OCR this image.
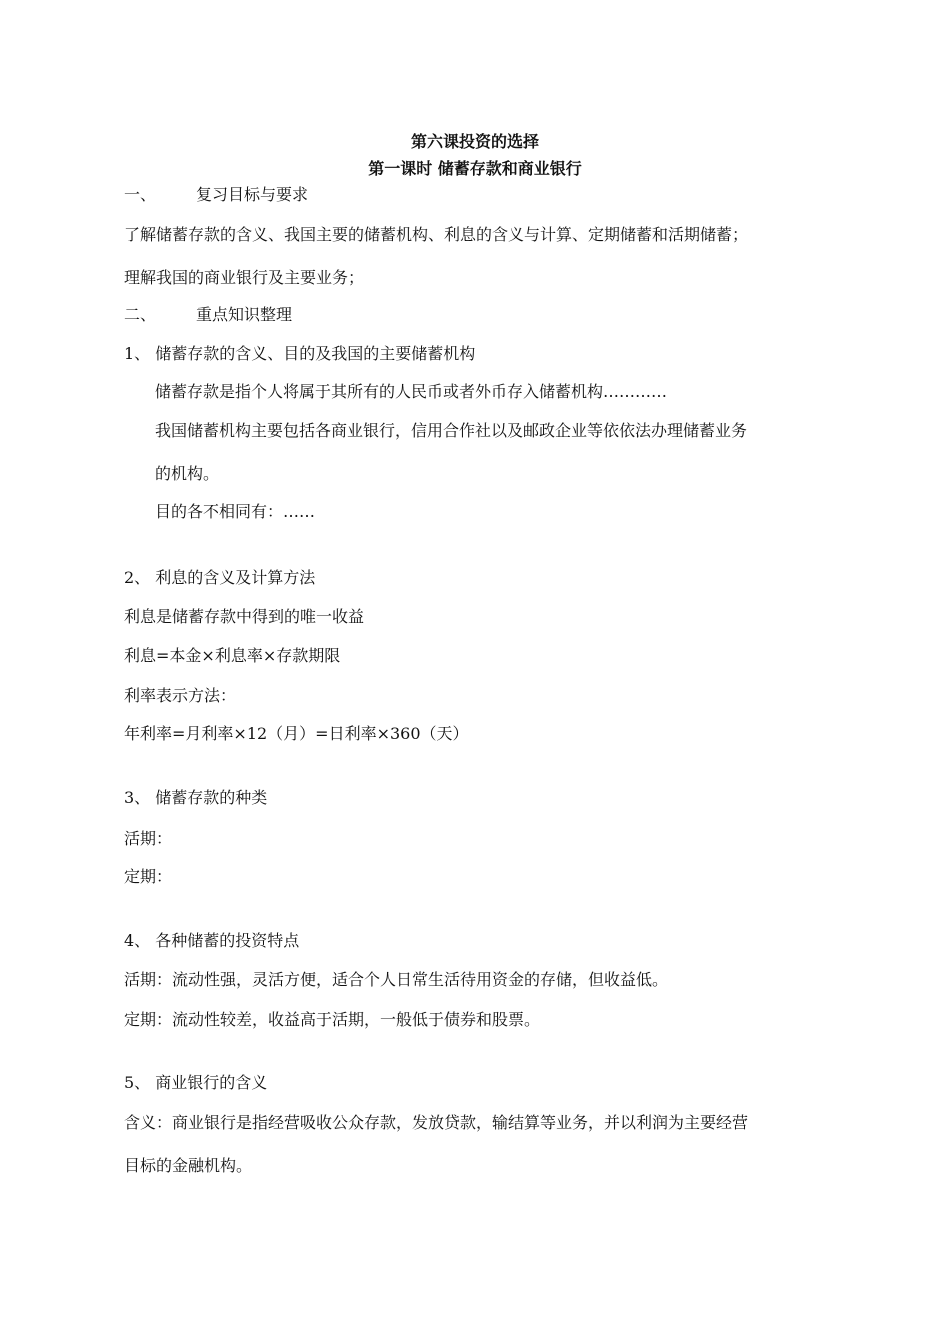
第六课投资的选择
第一课时 储蓄存款和商业银行
一、 复习目标与要求
了解储蓄存款的含义、我国主要的储蓄机构、利息的含义与计算、定期储蓄和活期储蓄；
理解我国的商业银行及主要业务；
二、 重点知识整理
1、 储蓄存款的含义、目的及我国的主要储蓄机构
储蓄存款是指个人将属于其所有的人民币或者外币存入储蓄机构…………
我国储蓄机构主要包括各商业银行，信用合作社以及邮政企业等依依法办理储蓄业务
的机构。
目的各不相同有：……
2、 利息的含义及计算方法
利息是储蓄存款中得到的唯一收益
利息=本金×利息率×存款期限
利率表示方法：
年利率=月利率×12（月）=日利率×360（天）
3、 储蓄存款的种类
活期：
定期：
4、 各种储蓄的投资特点
活期：流动性强，灵活方便，适合个人日常生活待用资金的存储，但收益低。
定期：流动性较差，收益高于活期，一般低于债券和股票。
5、 商业银行的含义
含义：商业银行是指经营吸收公众存款，发放贷款，输结算等业务，并以利润为主要经营
目标的金融机构。
